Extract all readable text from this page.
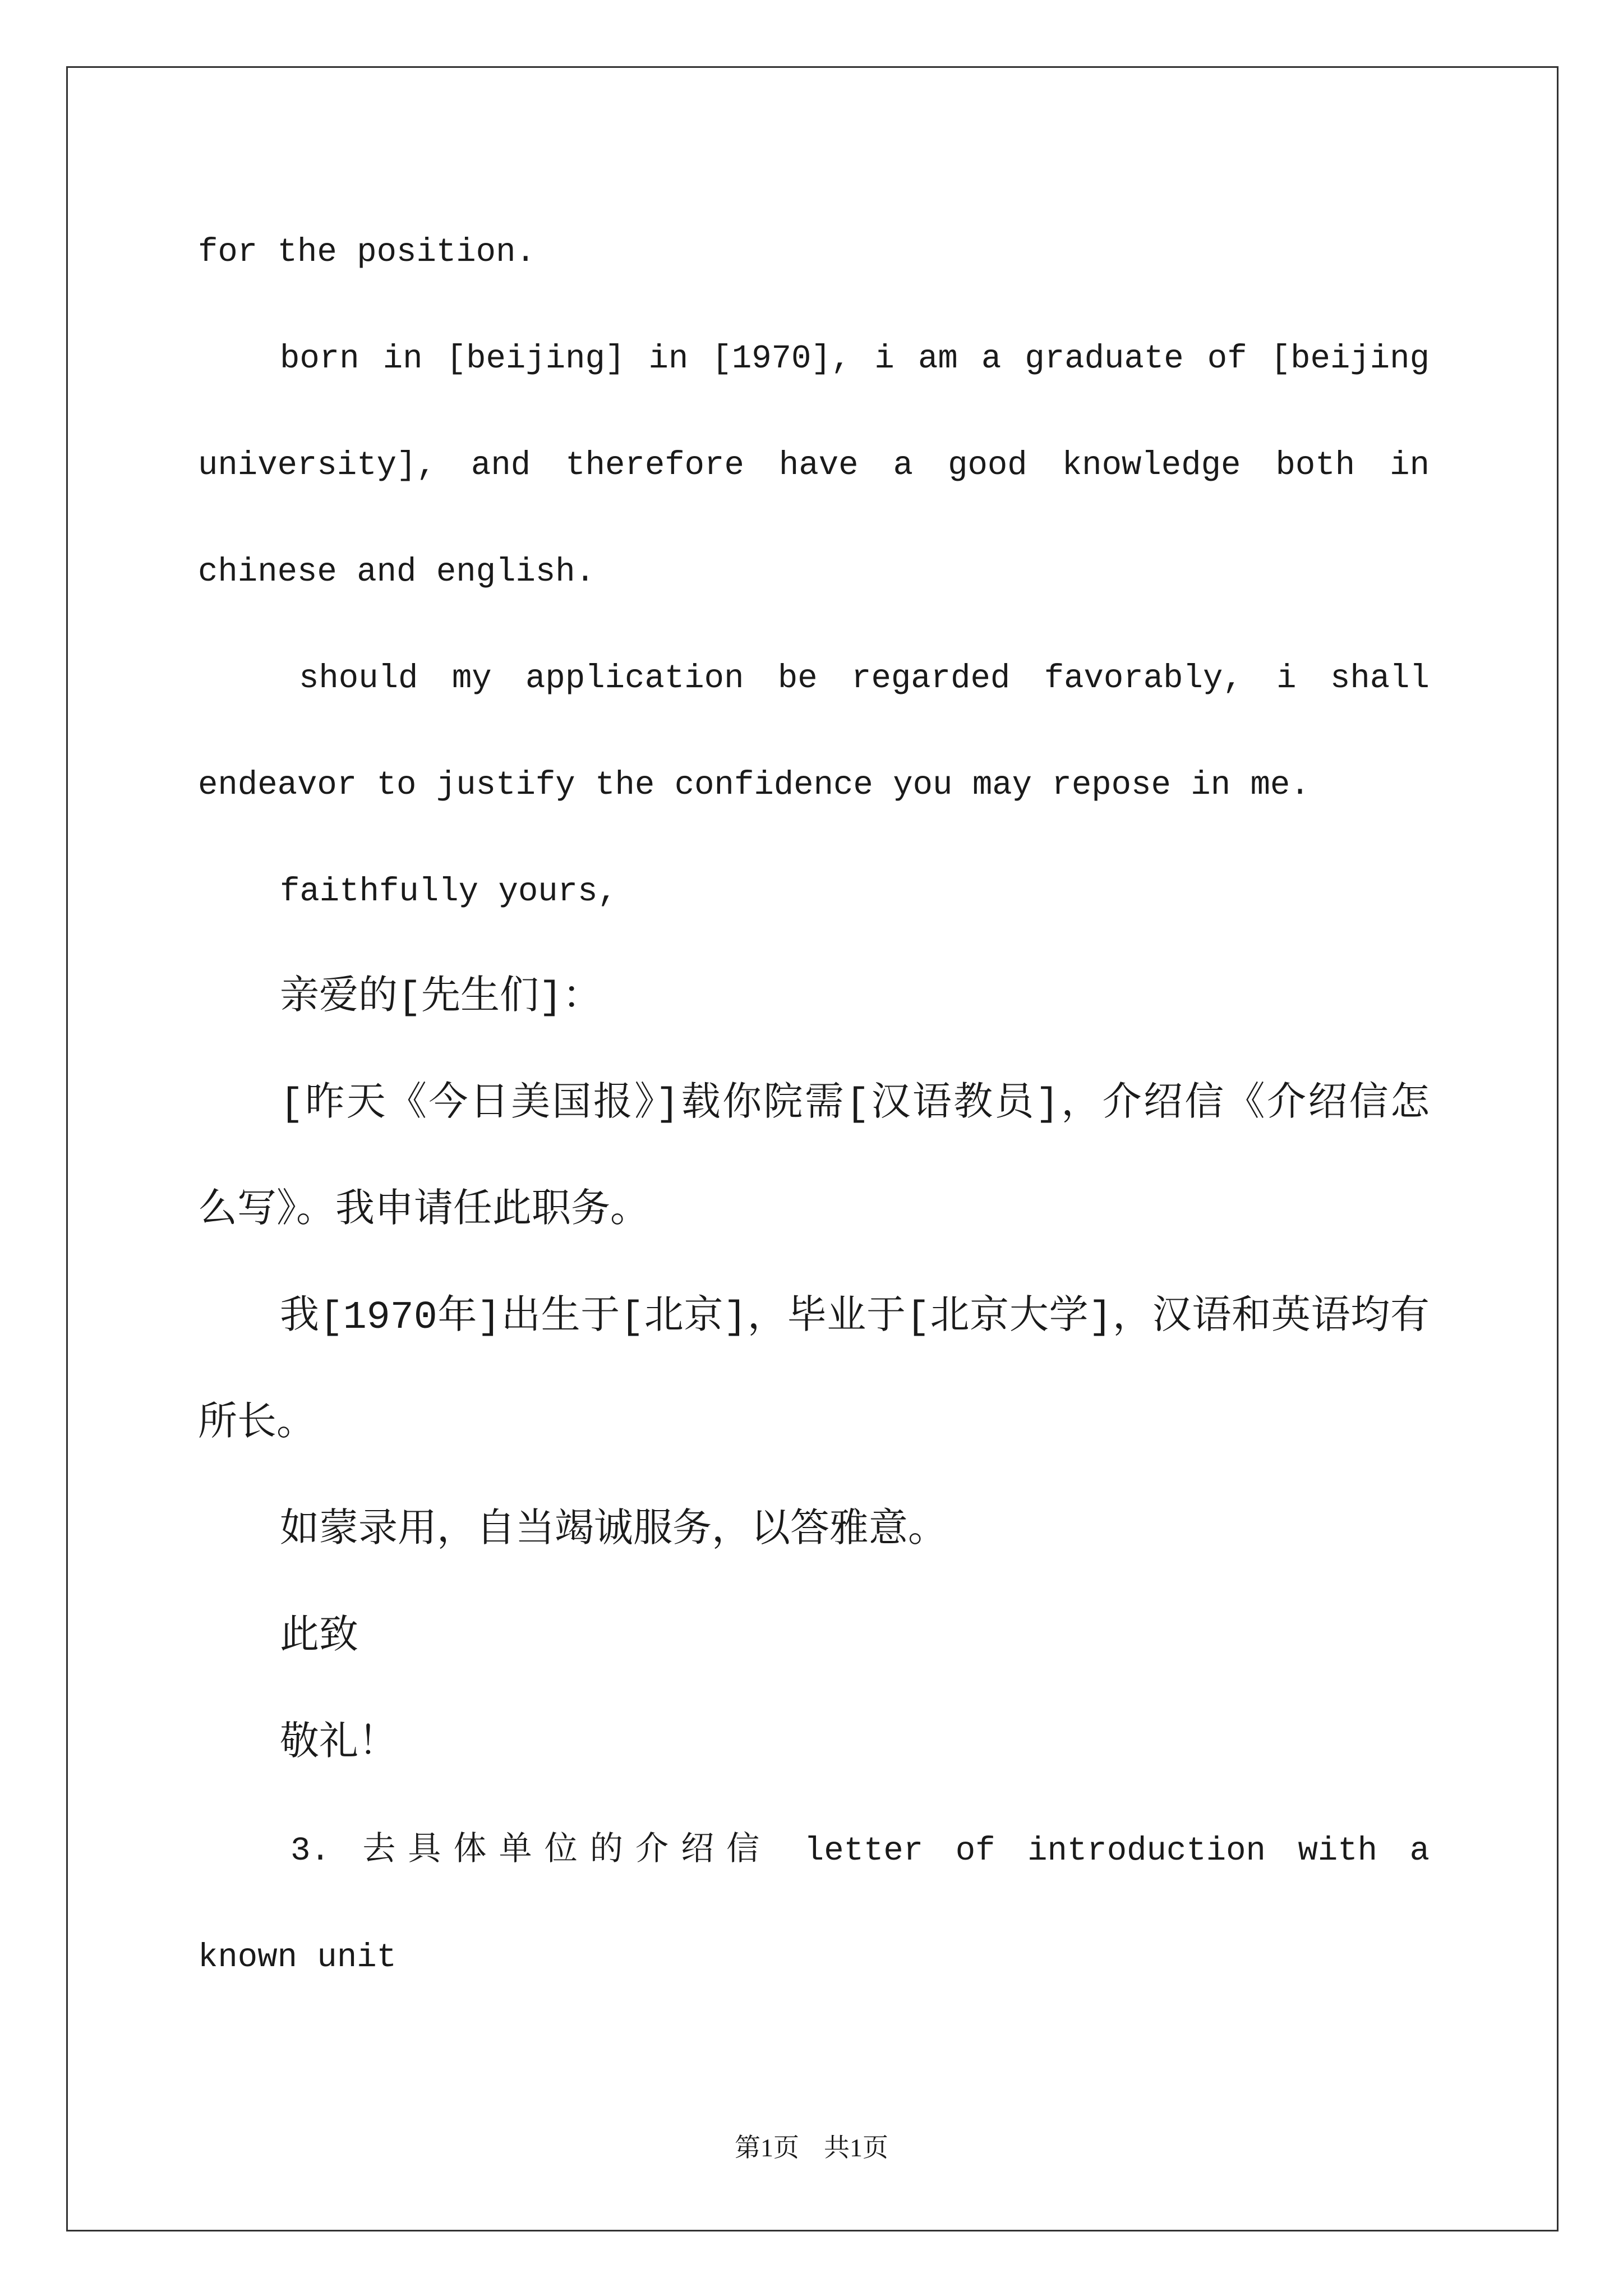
for the position.
born in [beijing] in [1970], i am a graduate of [beijing
university], and therefore have a good knowledge both in
chinese and english.
should my application be regarded favorably, i shall
endeavor to justify the confidence you may repose in me.
faithfully yours,
亲爱的[先生们]：
[昨天《今日美国报》]载你院需[汉语教员]，介绍信《介绍信怎
么写》。我申请任此职务。
我[1970年]出生于[北京]，毕业于[北京大学]，汉语和英语均有
所长。
如蒙录用，自当竭诚服务，以答雅意。
此致
敬礼！
3. 去具体单位的介绍信 letter of introduction with a
known unit
第1页 共1页
